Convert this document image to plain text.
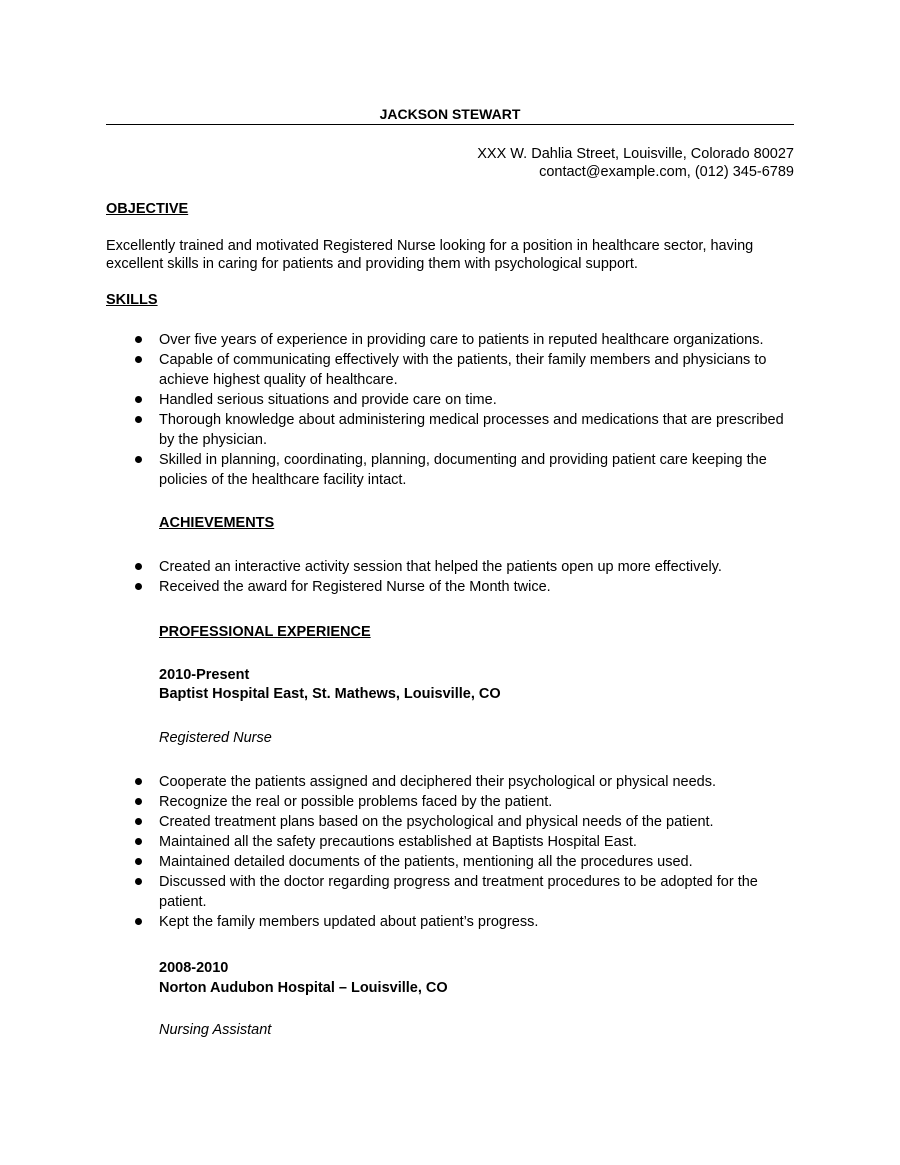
JACKSON STEWART
XXX W. Dahlia Street, Louisville, Colorado 80027
contact@example.com, (012) 345-6789
OBJECTIVE
Excellently trained and motivated Registered Nurse looking for a position in healthcare sector, having excellent skills in caring for patients and providing them with psychological support.
SKILLS
Over five years of experience in providing care to patients in reputed healthcare organizations.
Capable of communicating effectively with the patients, their family members and physicians to achieve highest quality of healthcare.
Handled serious situations and provide care on time.
Thorough knowledge about administering medical processes and medications that are prescribed by the physician.
Skilled in planning, coordinating, planning, documenting and providing patient care keeping the policies of the healthcare facility intact.
ACHIEVEMENTS
Created an interactive activity session that helped the patients open up more effectively.
Received the award for Registered Nurse of the Month twice.
PROFESSIONAL EXPERIENCE
2010-Present
Baptist Hospital East, St. Mathews, Louisville, CO
Registered Nurse
Cooperate the patients assigned and deciphered their psychological or physical needs.
Recognize the real or possible problems faced by the patient.
Created treatment plans based on the psychological and physical needs of the patient.
Maintained all the safety precautions established at Baptists Hospital East.
Maintained detailed documents of the patients, mentioning all the procedures used.
Discussed with the doctor regarding progress and treatment procedures to be adopted for the patient.
Kept the family members updated about patient’s progress.
2008-2010
Norton Audubon Hospital – Louisville, CO
Nursing Assistant
